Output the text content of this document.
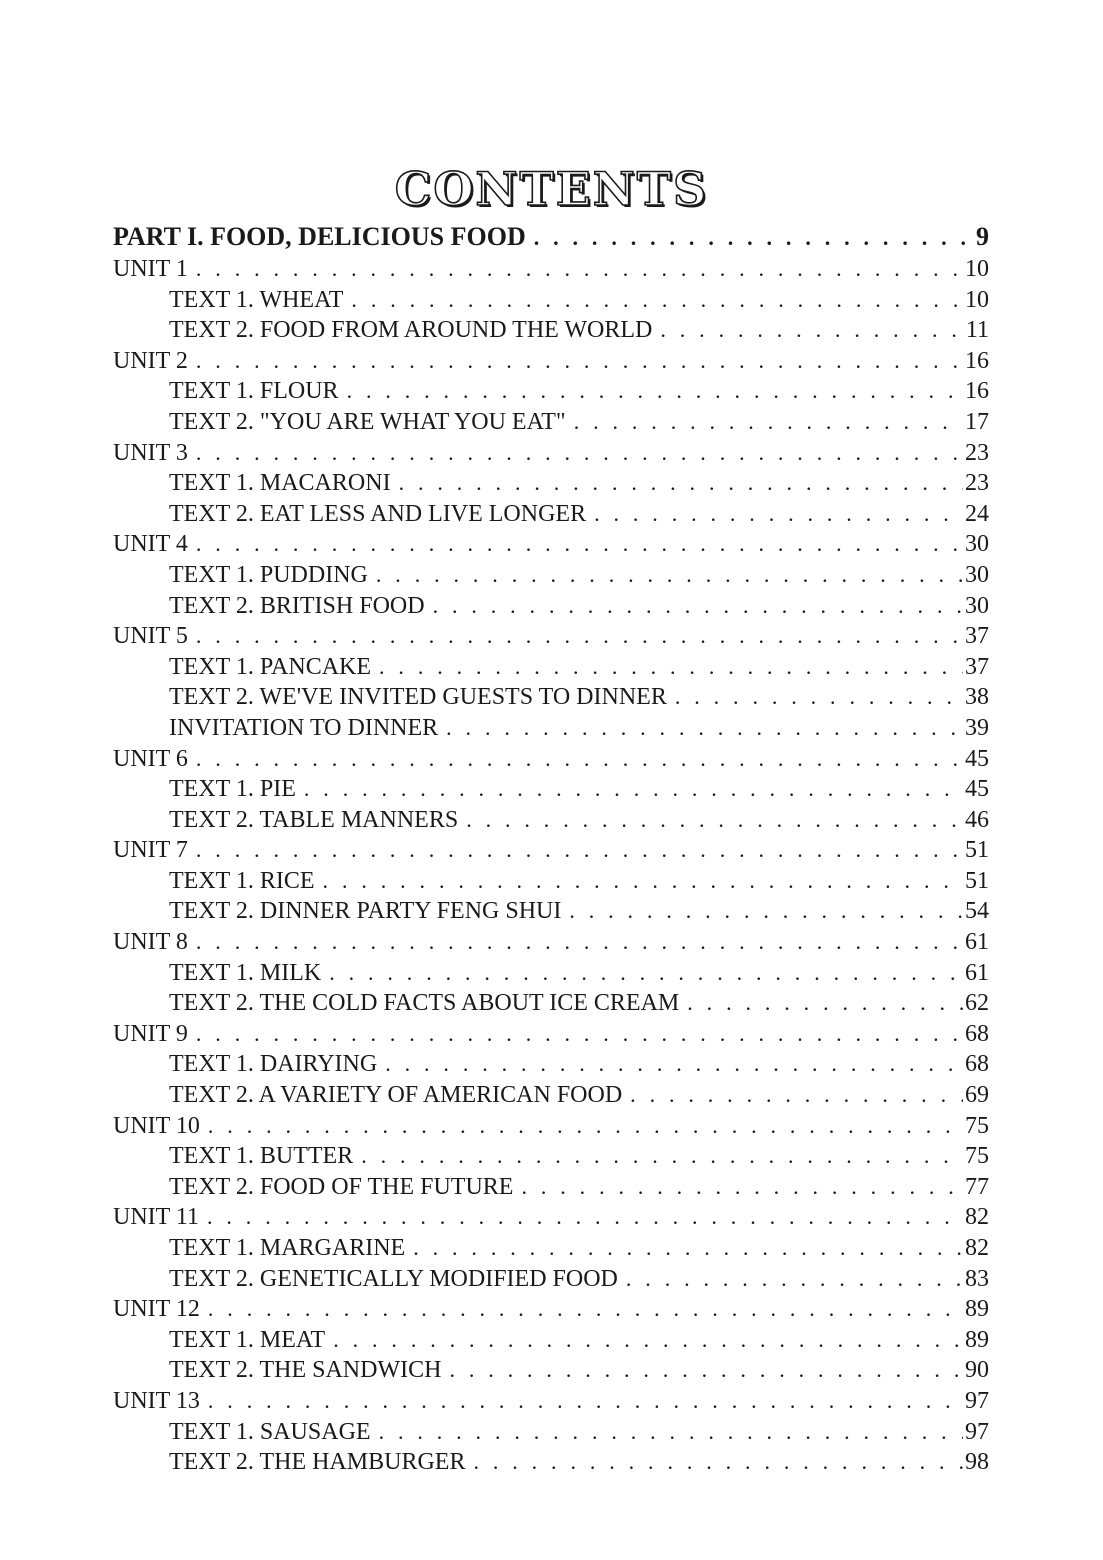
CONTENTS
PART I. FOOD, DELICIOUS FOOD . . .	9
UNIT 1 . . .	10
TEXT 1. WHEAT . . .	10
TEXT 2. FOOD FROM AROUND THE WORLD . . .	11
UNIT 2 . . .	16
TEXT 1. FLOUR . . .	16
TEXT 2. "YOU ARE WHAT YOU EAT" . . .	17
UNIT 3 . . .	23
TEXT 1. MACARONI . . .	23
TEXT 2. EAT LESS AND LIVE LONGER . . .	24
UNIT 4 . . .	30
TEXT 1. PUDDING . . .	30
TEXT 2. BRITISH FOOD . . .	30
UNIT 5 . . .	37
TEXT 1. PANCAKE . . .	37
TEXT 2. WE'VE INVITED GUESTS TO DINNER . . .	38
INVITATION TO DINNER . . .	39
UNIT 6 . . .	45
TEXT 1. PIE . . .	45
TEXT 2. TABLE MANNERS . . .	46
UNIT 7 . . .	51
TEXT 1. RICE . . .	51
TEXT 2. DINNER PARTY FENG SHUI . . .	54
UNIT 8 . . .	61
TEXT 1. MILK . . .	61
TEXT 2. THE COLD FACTS ABOUT ICE CREAM . . .	62
UNIT 9 . . .	68
TEXT 1. DAIRYING . . .	68
TEXT 2. A VARIETY OF AMERICAN FOOD . . .	69
UNIT 10 . . .	75
TEXT 1. BUTTER . . .	75
TEXT 2. FOOD OF THE FUTURE . . .	77
UNIT 11 . . .	82
TEXT 1. MARGARINE . . .	82
TEXT 2. GENETICALLY MODIFIED FOOD . . .	83
UNIT 12 . . .	89
TEXT 1. MEAT . . .	89
TEXT 2. THE SANDWICH . . .	90
UNIT 13 . . .	97
TEXT 1. SAUSAGE . . .	97
TEXT 2. THE HAMBURGER . . .	98
